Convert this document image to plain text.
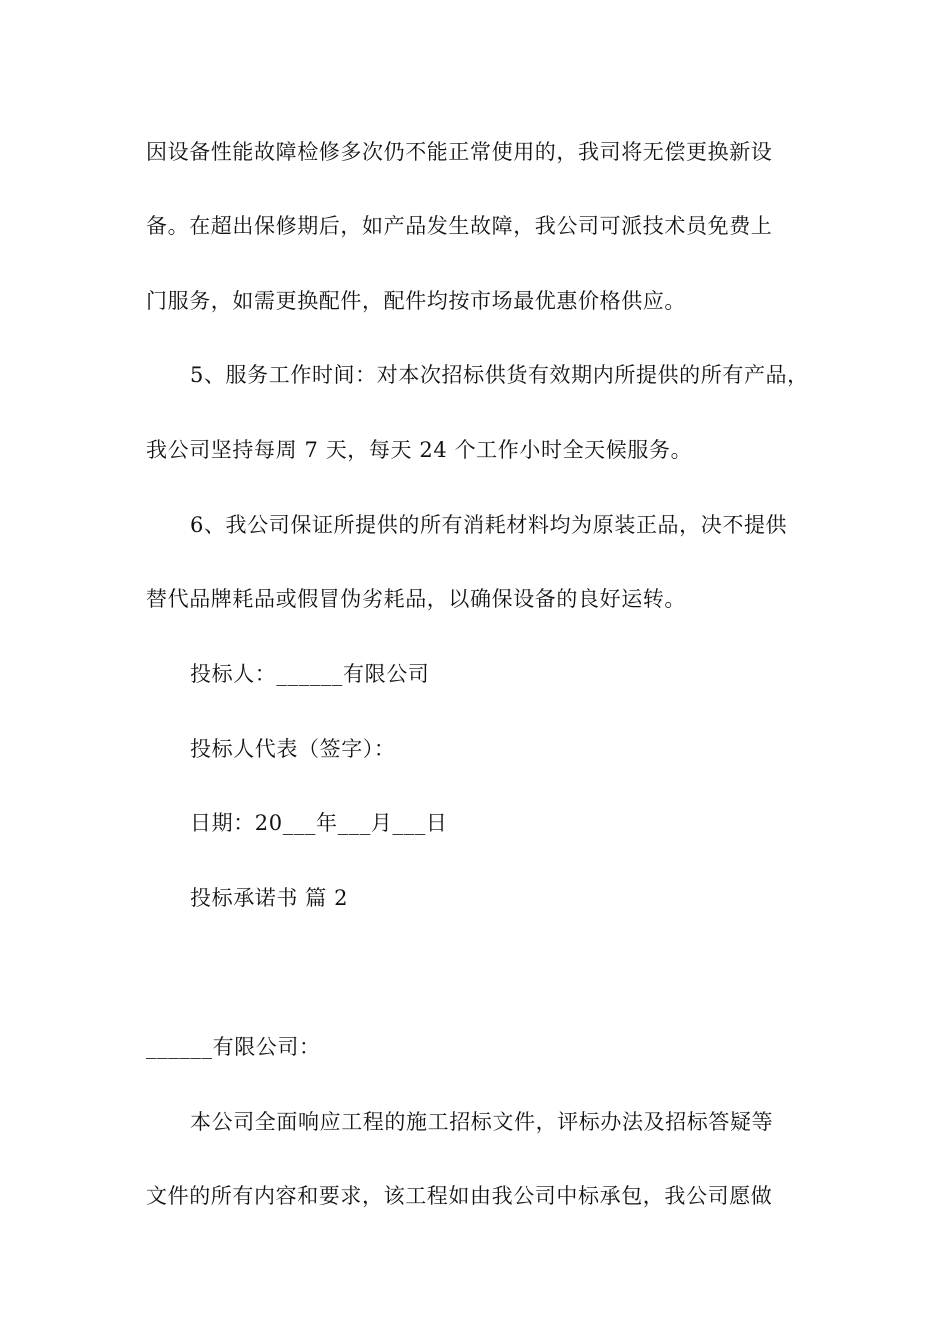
因设备性能故障检修多次仍不能正常使用的，我司将无偿更换新设
备。在超出保修期后，如产品发生故障，我公司可派技术员免费上
门服务，如需更换配件，配件均按市场最优惠价格供应。
5、服务工作时间：对本次招标供货有效期内所提供的所有产品，
我公司坚持每周 7 天，每天 24 个工作小时全天候服务。
6、我公司保证所提供的所有消耗材料均为原装正品，决不提供
替代品牌耗品或假冒伪劣耗品，以确保设备的良好运转。
投标人：______有限公司
投标人代表（签字）：
日期：20___年___月___日
投标承诺书 篇 2
______有限公司：
本公司全面响应工程的施工招标文件，评标办法及招标答疑等
文件的所有内容和要求，该工程如由我公司中标承包，我公司愿做
